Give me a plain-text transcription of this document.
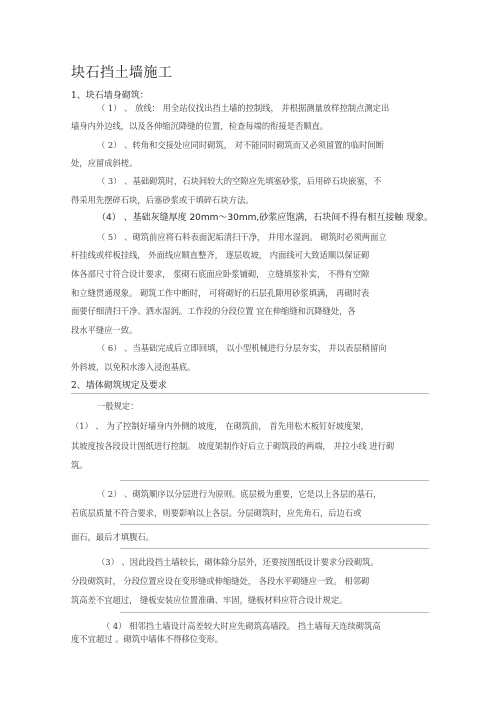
块石挡土墙施工
1、块石墙身砌筑：
（ 1） 、 放线： 用全站仪找出挡土墙的控制线， 并根据测量放样控制点测定出
墙身内外边线，以及各伸缩沉降缝的位置，检查每端的衔接是否顺直。
（ 2） 、转角和交接处应同时砌筑， 对不能同时砌筑而又必须留置的临时间断
处，应留成斜槎。
（ 3） 、基础砌筑时，石块间较大的空隙应先填塞砂浆，后用碎石块嵌塞，不
得采用先摆碎石块，后塞砂浆或干填碎石块方法。
（4） 、基础灰缝厚度 20mm～30mm,砂浆应饱满，石块间不得有相互接触 现象。
（ 5） 、砌筑前应将石料表面泥垢清扫干净， 并用水湿润。 砌筑时必须两面立
杆挂线或样板挂线， 外面线应顺直整齐， 逐层收坡， 内面线可大致适顺以保证砌
体各部尺寸符合设计要求， 浆砌石底面应卧浆铺砌， 立缝填浆补实， 不得有空隙
和立缝贯通现象。 砌筑工作中断时， 可将砌好的石层孔隙用砂浆填满， 再砌时表
面要仔细清扫干净、洒水湿润。工作段的分段位置 宜在伸缩缝和沉降缝处，各
段水平缝应一致。
（ 6） 、当基础完成后立即回填， 以小型机械进行分层夯实， 并以表层稍留向
外斜坡，以免积水渗入浸泡基底。
2、墙体砌筑规定及要求
一般规定：
（1） 、 为了控制好墙身内外侧的坡度， 在砌筑前， 首先用松木板钉好坡度架，
其坡度按各段设计图纸进行控制。 坡度架制作好后立于砌筑段的两端， 并拉小线 进行砌
筑。
（ 2） 、砌筑顺序以分层进行为原则。底层极为重要，它是以上各层的基石，
若底层质量不符合要求，则要影响以上各层。分层砌筑时，应先角石，后边石或
面石，最后才填腹石。
（3） 、因此段挡土墙较长，砌体除分层外，还要按图纸设计要求分段砌筑。
分段砌筑时， 分段位置应设在变形缝或伸缩缝处， 各段水平砌缝应一致。 相邻砌
筑高差不宜超过， 缝板安装应位置准确、牢固，缝板材料应符合设计规定。
（ 4） 相邻挡土墙设计高差较大时应先砌筑高墙段。 挡土墙每天连续砌筑高
度不宜超过 。砌筑中墙体不得移位变形。
